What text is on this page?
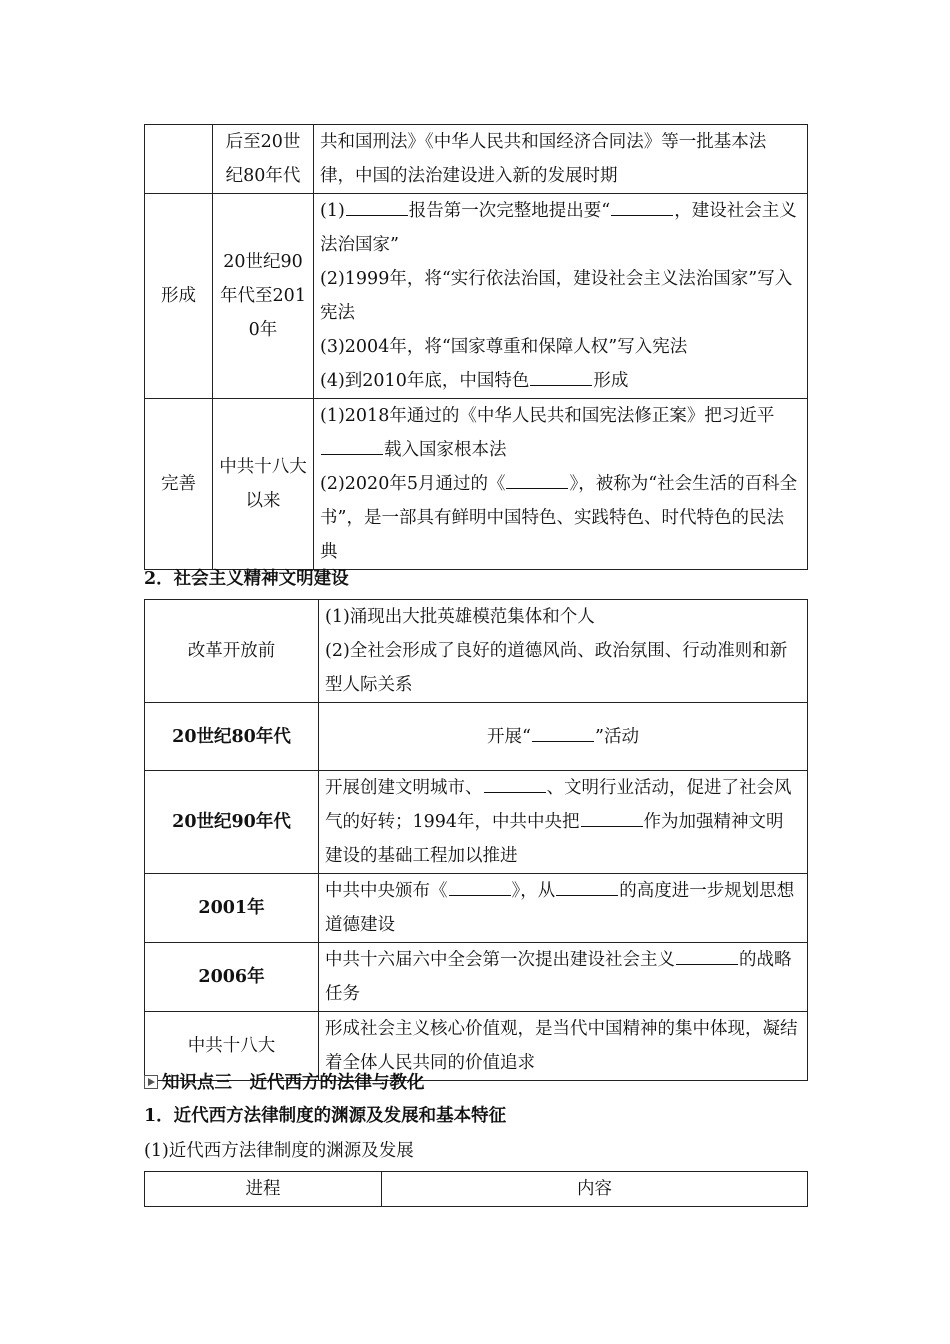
	后至20世纪80年代	共和国刑法》《中华人民共和国经济合同法》等一批基本法律，中国的法治建设进入新的发展时期
形成	20世纪90年代至2010年	(1) 报告第一次完整地提出要“ ，建设社会主义法治国家”
(2)1999年，将“实行依法治国，建设社会主义法治国家”写入宪法
(3)2004年，将“国家尊重和保障人权”写入宪法
(4)到2010年底，中国特色 形成

完善	中共十八大以来	(1)2018年通过的《中华人民共和国宪法修正案》把习近平载入国家根本法
(2)2020年5月通过的《 》，被称为“社会生活的百科全书”，是一部具有鲜明中国特色、实践特色、时代特色的民法典
2．社会主义精神文明建设
改革开放前	(1)涌现出大批英雄模范集体和个人
(2)全社会形成了良好的道德风尚、政治氛围、行动准则和新型人际关系

20世纪80年代	开展“ ”活动
20世纪90年代	开展创建文明城市、 、文明行业活动，促进了社会风气的好转；1994年，中共中央把 作为加强精神文明建设的基础工程加以推进
2001年	中共中央颁布《 》，从 的高度进一步规划思想道德建设
2006年	中共十六届六中全会第一次提出建设社会主义 的战略任务
中共十八大	形成社会主义核心价值观，是当代中国精神的集中体现，凝结着全体人民共同的价值追求
知识点三　近代西方的法律与教化
1．近代西方法律制度的渊源及发展和基本特征
(1)近代西方法律制度的渊源及发展
进程	内容
